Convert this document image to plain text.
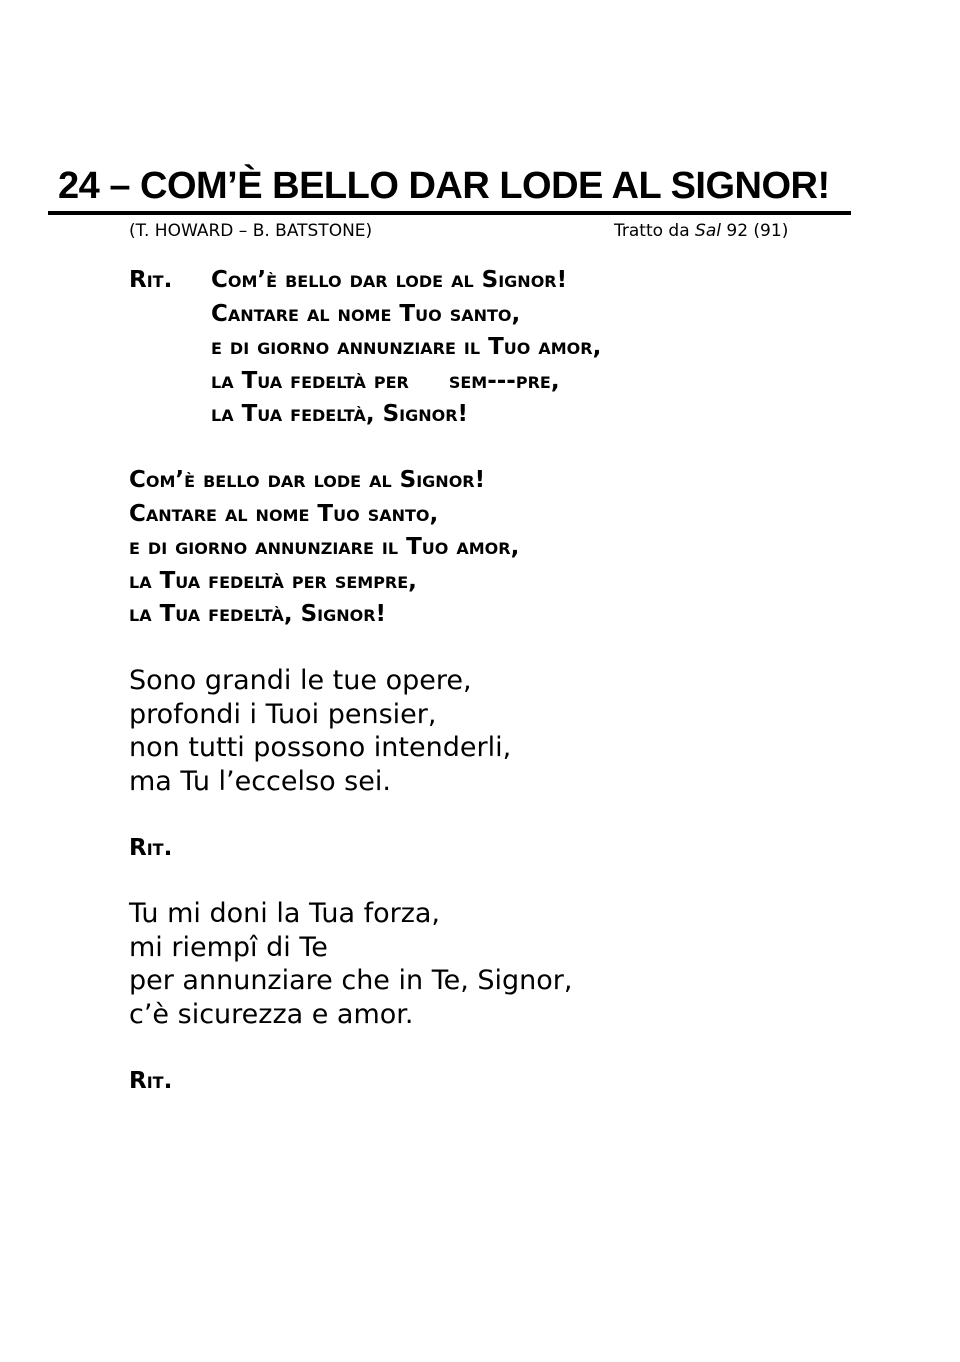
24 – COM’È BELLO DAR LODE AL SIGNOR!
(T. HOWARD – B. BATSTONE)	Tratto da Sal 92 (91)
Rit. Com’è bello dar lode al Signor!
Cantare al nome Tuo santo,
e di giorno annunziare il Tuo amor,
la Tua fedeltà per sem---pre,
la Tua fedeltà, Signor!
Com’è bello dar lode al Signor!
Cantare al nome Tuo santo,
e di giorno annunziare il Tuo amor,
la Tua fedeltà per sempre,
la Tua fedeltà, Signor!
Sono grandi le tue opere,
profondi i Tuoi pensier,
non tutti possono intenderli,
ma Tu l’eccelso sei.
Rit.
Tu mi doni la Tua forza,
mi riempî di Te
per annunziare che in Te, Signor,
c’è sicurezza e amor.
Rit.
